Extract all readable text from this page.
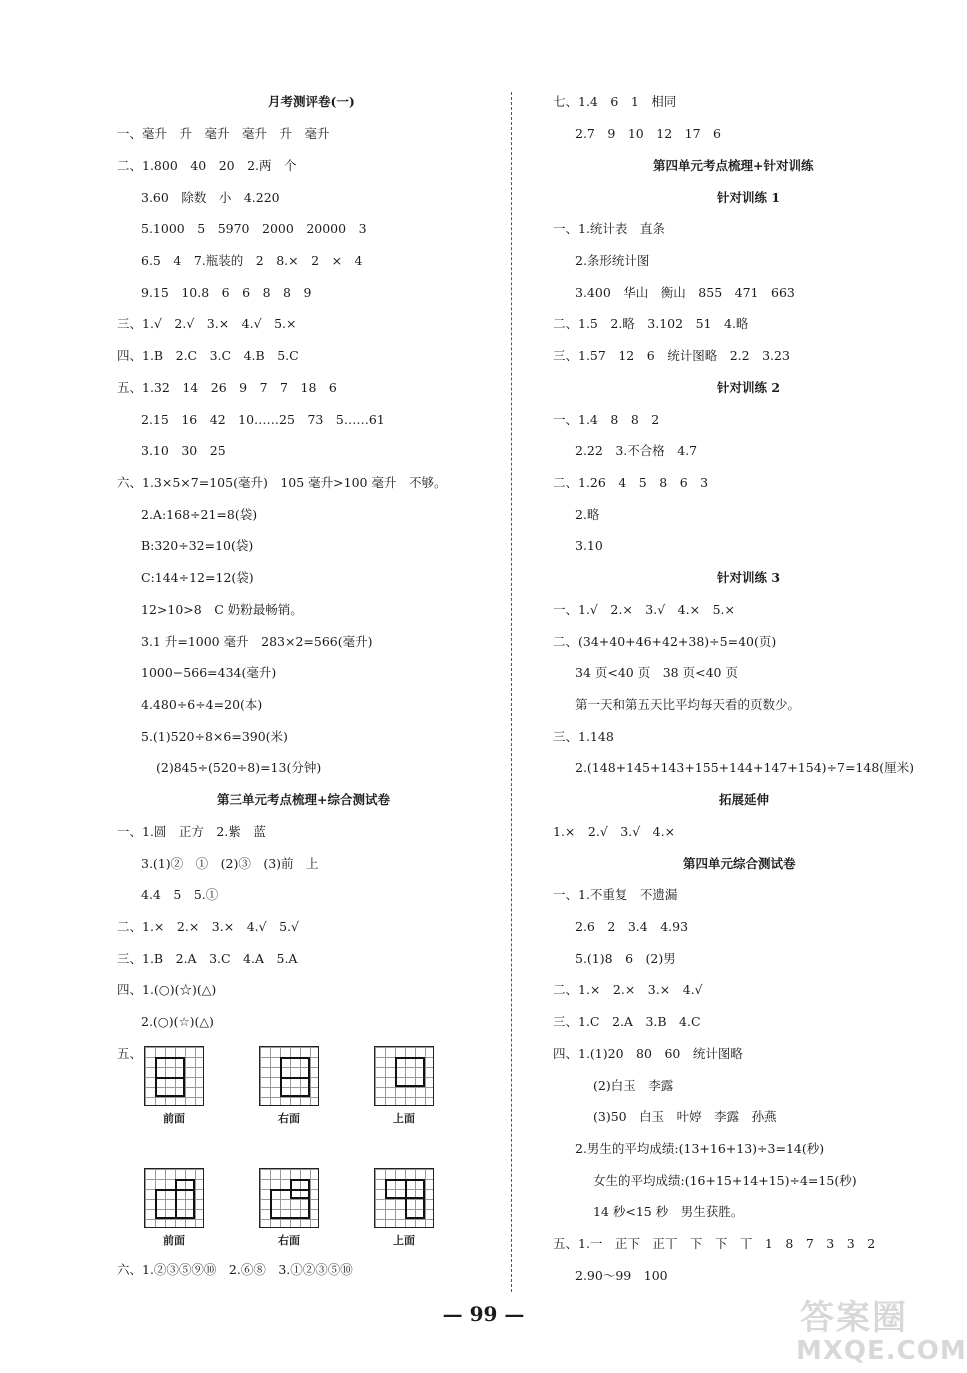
月考测评卷(一)
一、毫升　升　毫升　毫升　升　毫升
二、1.800　40　20　2.两　个
3.60　除数　小　4.220
5.1000　5　5970　2000　20000　3
6.5　4　7.瓶装的　2　8.×　2　×　4
9.15　10.8　6　6　8　8　9
三、1.√　2.√　3.×　4.√　5.×
四、1.B　2.C　3.C　4.B　5.C
五、1.32　14　26　9　7　7　18　6
2.15　16　42　10……25　73　5……61
3.10　30　25
六、1.3×5×7=105(毫升)　105 毫升>100 毫升　不够。
2.A:168÷21=8(袋)
B:320÷32=10(袋)
C:144÷12=12(袋)
12>10>8　C 奶粉最畅销。
3.1 升=1000 毫升　283×2=566(毫升)
1000−566=434(毫升)
4.480÷6÷4=20(本)
5.(1)520÷8×6=390(米)
(2)845÷(520÷8)=13(分钟)
第三单元考点梳理+综合测试卷
一、1.圆　正方　2.紫　蓝
3.(1)②　①　(2)③　(3)前　上
4.4　5　5.①
二、1.×　2.×　3.×　4.√　5.√
三、1.B　2.A　3.C　4.A　5.A
四、1.(○)(☆)(△)
2.(○)(☆)(△)
五、
前面	右面	上面
前面	右面	上面
六、1.②③⑤⑨⑩　2.⑥⑧　3.①②③⑤⑩
七、1.4　6　1　相同
2.7　9　10　12　17　6
第四单元考点梳理+针对训练
针对训练 1
一、1.统计表　直条
2.条形统计图
3.400　华山　衡山　855　471　663
二、1.5　2.略　3.102　51　4.略
三、1.57　12　6　统计图略　2.2　3.23
针对训练 2
一、1.4　8　8　2
2.22　3.不合格　4.7
二、1.26　4　5　8　6　3
2.略
3.10
针对训练 3
一、1.√　2.×　3.√　4.×　5.×
二、(34+40+46+42+38)÷5=40(页)
34 页<40 页　38 页<40 页
第一天和第五天比平均每天看的页数少。
三、1.148
2.(148+145+143+155+144+147+154)÷7=148(厘米)
拓展延伸
1.×　2.√　3.√　4.×
第四单元综合测试卷
一、1.不重复　不遗漏
2.6　2　3.4　4.93
5.(1)8　6　(2)男
二、1.×　2.×　3.×　4.√
三、1.C　2.A　3.B　4.C
四、1.(1)20　80　60　统计图略
(2)白玉　李露
(3)50　白玉　叶婷　李露　孙燕
2.男生的平均成绩:(13+16+13)÷3=14(秒)
女生的平均成绩:(16+15+14+15)÷4=15(秒)
14 秒<15 秒　男生获胜。
五、1.一　正下　正丅　下　下　丅　1　8　7　3　3　2
2.90～99　100
— 99 —	答案圈
MXQE.COM
